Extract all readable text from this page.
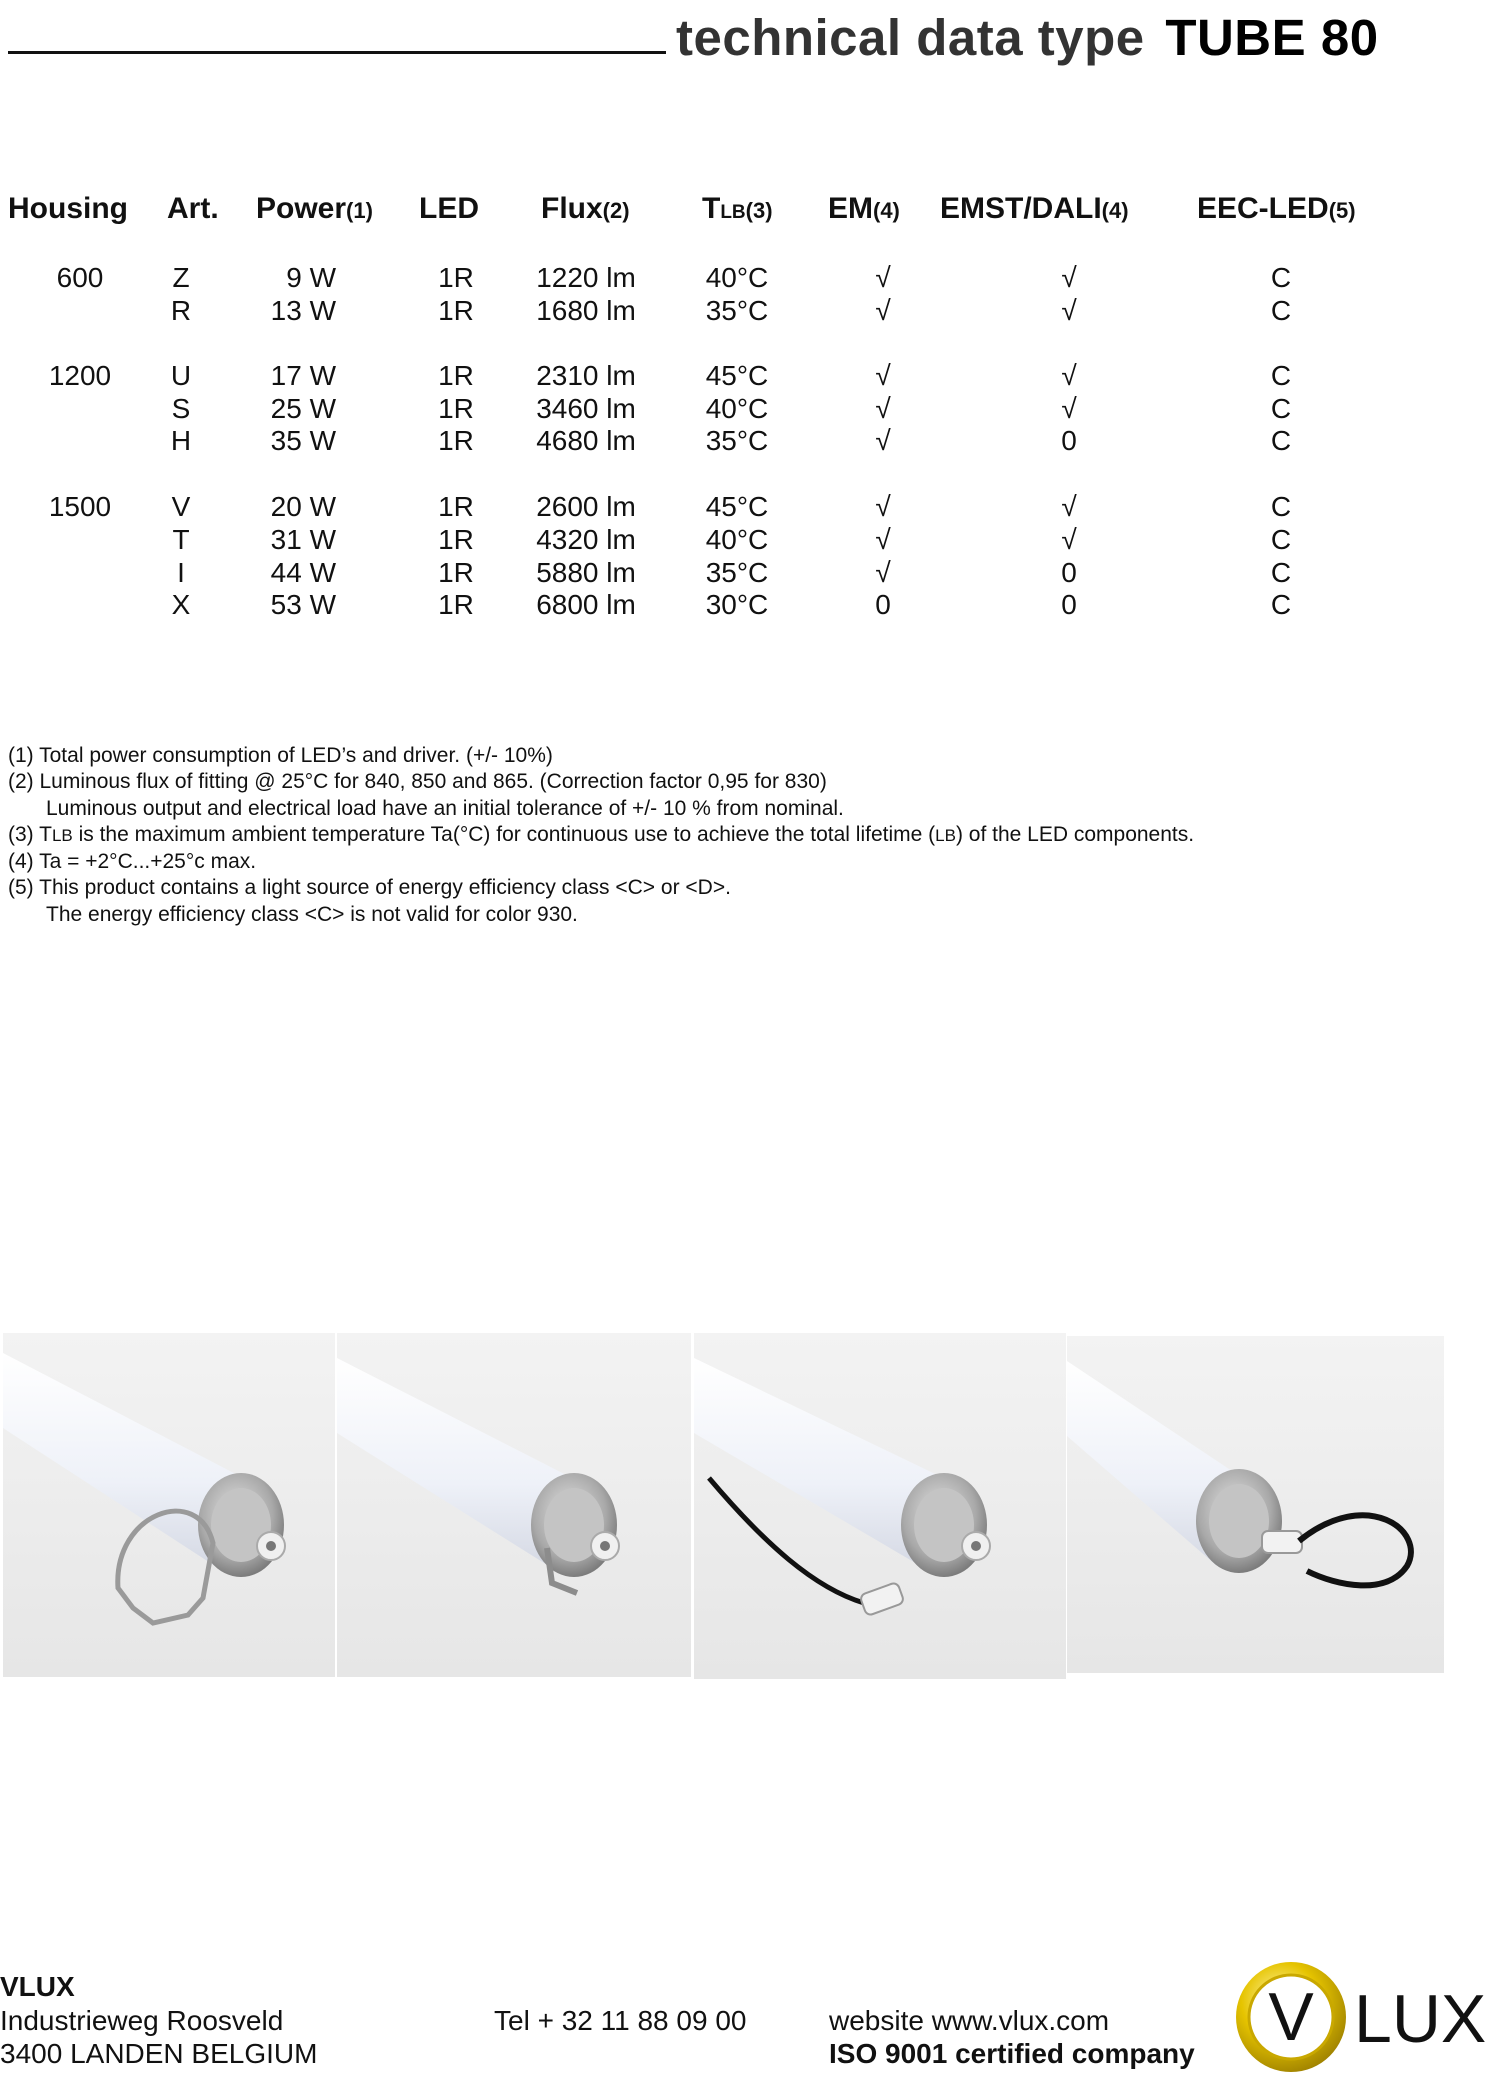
technical data type TUBE 80
Housing Art. Power(1) LED Flux(2) TLB(3) EM(4) EMST/DALI(4) EEC-LED(5)
600	Z	9 W	1R	1220 lm	40°C	√	√	C
R	13 W	1R	1680 lm	35°C	√	√	C
1200	U	17 W	1R	2310 lm	45°C	√	√	C
S	25 W	1R	3460 lm	40°C	√	√	C
H	35 W	1R	4680 lm	35°C	√	0	C
1500	V	20 W	1R	2600 lm	45°C	√	√	C
T	31 W	1R	4320 lm	40°C	√	√	C
I	44 W	1R	5880 lm	35°C	√	0	C
X	53 W	1R	6800 lm	30°C	0	0	C
(1) Total power consumption of LED’s and driver. (+/- 10%)
(2) Luminous flux of fitting @ 25°C for 840, 850 and 865. (Correction factor 0,95 for 830)
Luminous output and electrical load have an initial tolerance of +/- 10 % from nominal.
(3) TLB is the maximum ambient temperature Ta(°C) for continuous use to achieve the total lifetime (LB) of the LED components.
(4) Ta = +2°C...+25°c max.
(5) This product contains a light source of energy efficiency class <C> or <D>.
The energy efficiency class <C> is not valid for color 930.
VLUX
Industrieweg Roosveld
3400 LANDEN BELGIUM
Tel + 32 11 88 09 00	website www.vlux.com
ISO 9001 certified company V LUX
